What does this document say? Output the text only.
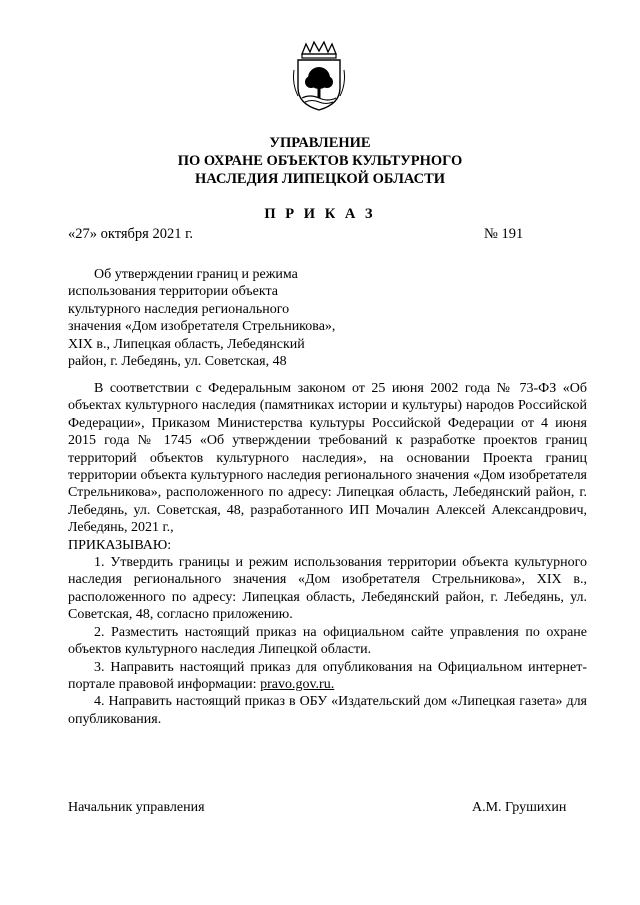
УПРАВЛЕНИЕ
ПО ОХРАНЕ ОБЪЕКТОВ КУЛЬТУРНОГО
НАСЛЕДИЯ ЛИПЕЦКОЙ ОБЛАСТИ
П Р И К А З
«27» октября 2021 г.	№ 191
Об утверждении границ и режима
использования территории объекта
культурного наследия регионального
значения «Дом изобретателя Стрельникова»,
XIX в., Липецкая область, Лебедянский
район, г. Лебедянь, ул. Советская, 48

В соответствии с Федеральным законом от 25 июня 2002 года № 73-ФЗ «Об объектах культурного наследия (памятниках истории и культуры) народов Российской Федерации», Приказом Министерства культуры Российской Федерации от 4 июня 2015 года № 1745 «Об утверждении требований к разработке проектов границ территорий объектов культурного наследия», на основании Проекта границ территории объекта культурного наследия регионального значения «Дом изобретателя Стрельникова», расположенного по адресу: Липецкая область, Лебедянский район, г. Лебедянь, ул. Советская, 48, разработанного ИП Мочалин Алексей Александрович, Лебедянь, 2021 г.,

ПРИКАЗЫВАЮ:

1. Утвердить границы и режим использования территории объекта культурного наследия регионального значения «Дом изобретателя Стрельникова», XIX в., расположенного по адресу: Липецкая область, Лебедянский район, г. Лебедянь, ул. Советская, 48, согласно приложению.

2. Разместить настоящий приказ на официальном сайте управления по охране объектов культурного наследия Липецкой области.

3. Направить настоящий приказ для опубликования на Официальном интернет-портале правовой информации: pravo.gov.ru.

4. Направить настоящий приказ в ОБУ «Издательский дом «Липецкая газета» для опубликования.

Начальник управления	А.М. Грушихин
